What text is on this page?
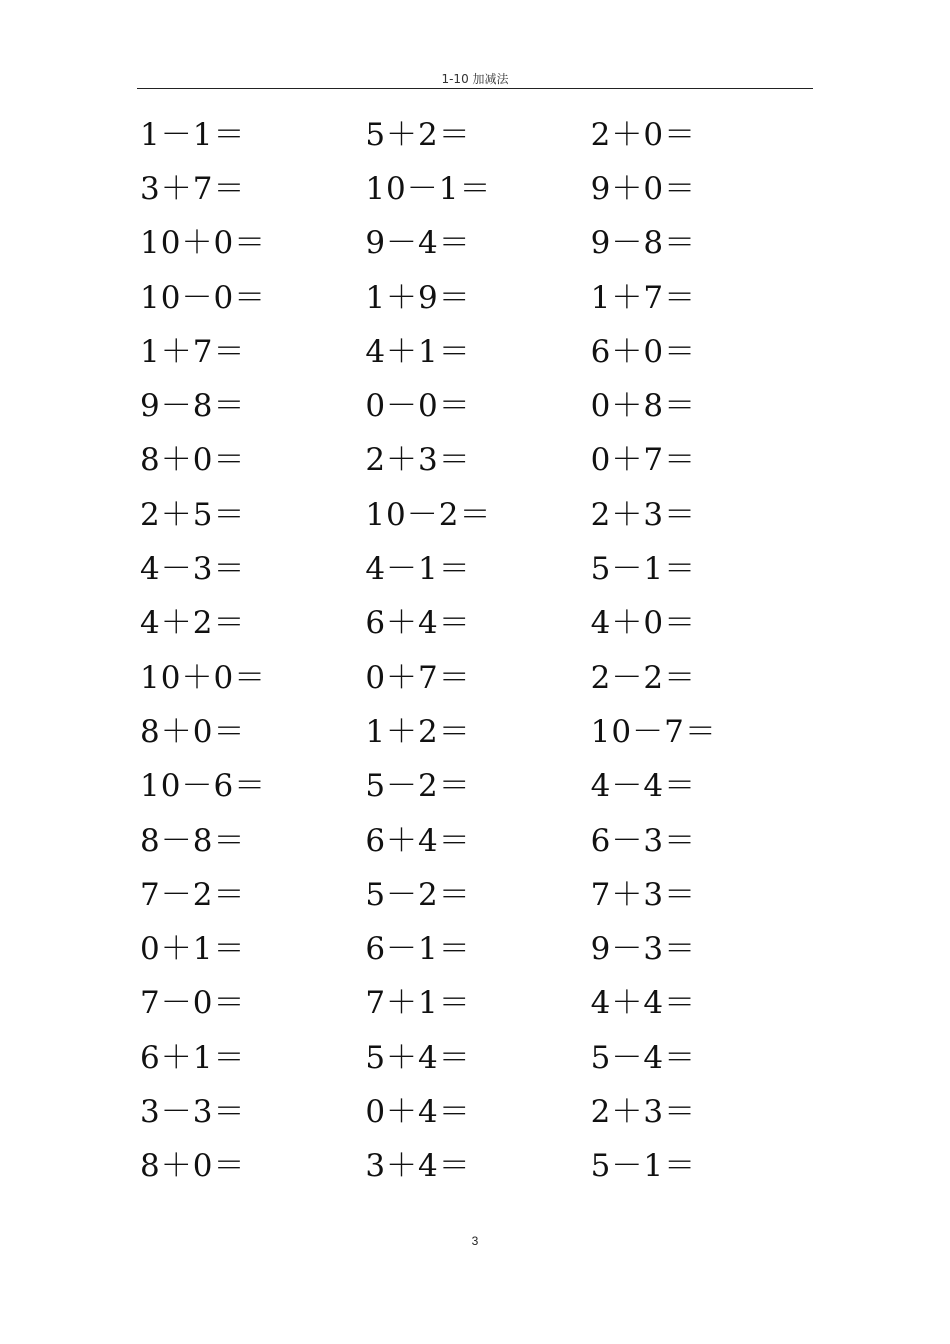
1-10 加减法
1－1＝	5＋2＝	2＋0＝
3＋7＝	10－1＝	9＋0＝
10＋0＝	9－4＝	9－8＝
10－0＝	1＋9＝	1＋7＝
1＋7＝	4＋1＝	6＋0＝
9－8＝	0－0＝	0＋8＝
8＋0＝	2＋3＝	0＋7＝
2＋5＝	10－2＝	2＋3＝
4－3＝	4－1＝	5－1＝
4＋2＝	6＋4＝	4＋0＝
10＋0＝	0＋7＝	2－2＝
8＋0＝	1＋2＝	10－7＝
10－6＝	5－2＝	4－4＝
8－8＝	6＋4＝	6－3＝
7－2＝	5－2＝	7＋3＝
0＋1＝	6－1＝	9－3＝
7－0＝	7＋1＝	4＋4＝
6＋1＝	5＋4＝	5－4＝
3－3＝	0＋4＝	2＋3＝
8＋0＝	3＋4＝	5－1＝
3
